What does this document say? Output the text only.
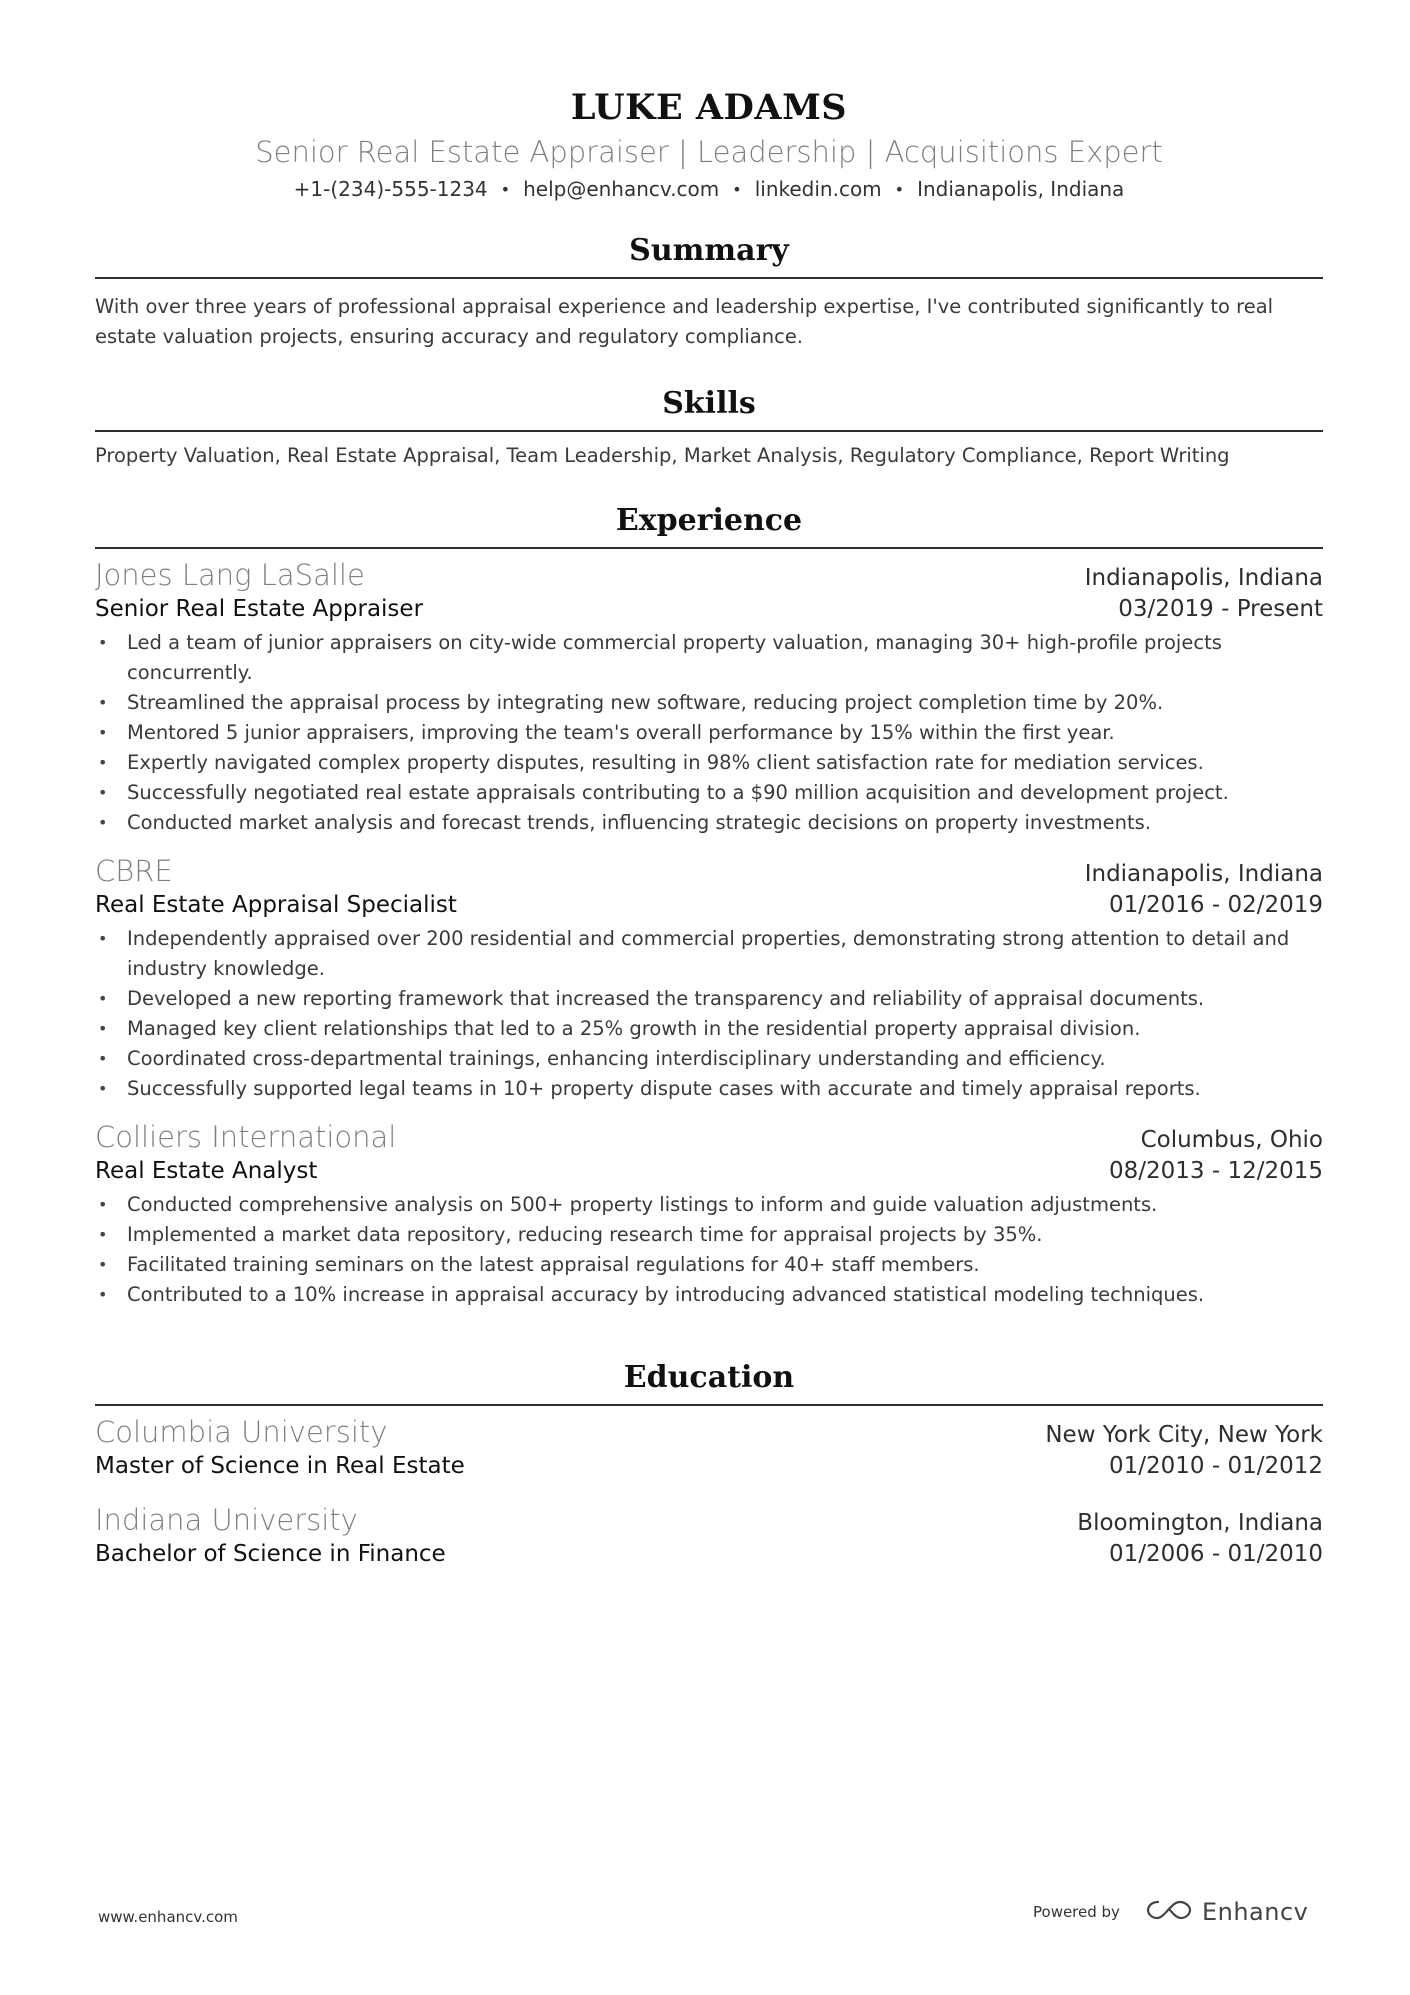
LUKE ADAMS
Senior Real Estate Appraiser | Leadership | Acquisitions Expert
+1-(234)-555-1234 • help@enhancv.com • linkedin.com • Indianapolis, Indiana
Summary
With over three years of professional appraisal experience and leadership expertise, I've contributed significantly to real estate valuation projects, ensuring accuracy and regulatory compliance.
Skills
Property Valuation, Real Estate Appraisal, Team Leadership, Market Analysis, Regulatory Compliance, Report Writing
Experience
Jones Lang LaSalle	Indianapolis, Indiana
Senior Real Estate Appraiser	03/2019 - Present
• Led a team of junior appraisers on city-wide commercial property valuation, managing 30+ high-profile projects concurrently.
• Streamlined the appraisal process by integrating new software, reducing project completion time by 20%.
• Mentored 5 junior appraisers, improving the team's overall performance by 15% within the first year.
• Expertly navigated complex property disputes, resulting in 98% client satisfaction rate for mediation services.
• Successfully negotiated real estate appraisals contributing to a $90 million acquisition and development project.
• Conducted market analysis and forecast trends, influencing strategic decisions on property investments.
CBRE	Indianapolis, Indiana
Real Estate Appraisal Specialist	01/2016 - 02/2019
• Independently appraised over 200 residential and commercial properties, demonstrating strong attention to detail and industry knowledge.
• Developed a new reporting framework that increased the transparency and reliability of appraisal documents.
• Managed key client relationships that led to a 25% growth in the residential property appraisal division.
• Coordinated cross-departmental trainings, enhancing interdisciplinary understanding and efficiency.
• Successfully supported legal teams in 10+ property dispute cases with accurate and timely appraisal reports.
Colliers International	Columbus, Ohio
Real Estate Analyst	08/2013 - 12/2015
• Conducted comprehensive analysis on 500+ property listings to inform and guide valuation adjustments.
• Implemented a market data repository, reducing research time for appraisal projects by 35%.
• Facilitated training seminars on the latest appraisal regulations for 40+ staff members.
• Contributed to a 10% increase in appraisal accuracy by introducing advanced statistical modeling techniques.
Education
Columbia University	New York City, New York
Master of Science in Real Estate	01/2010 - 01/2012
Indiana University	Bloomington, Indiana
Bachelor of Science in Finance	01/2006 - 01/2010
www.enhancv.com	Powered by	Enhancv
